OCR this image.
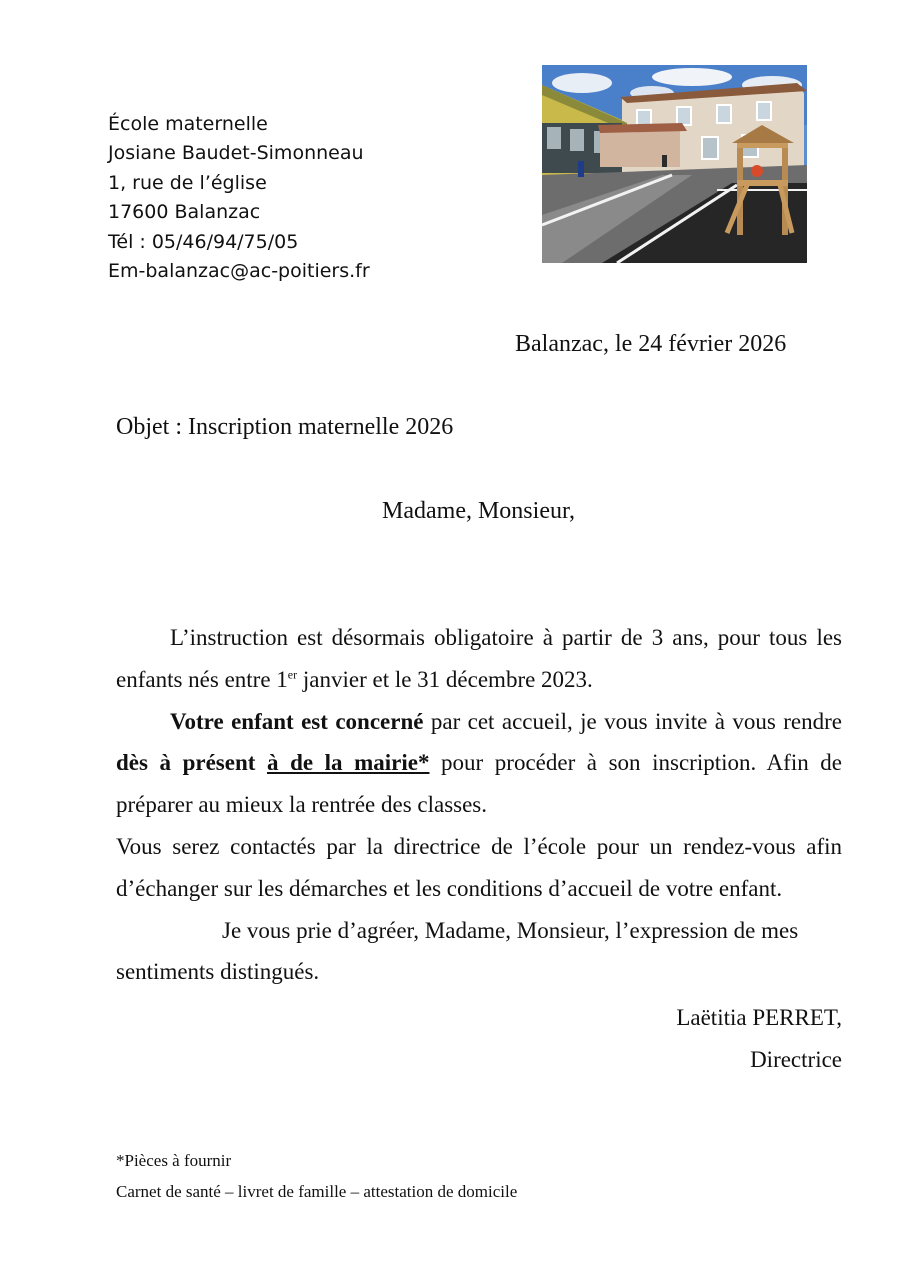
École maternelle
Josiane Baudet-Simonneau
1, rue de l’église
17600 Balanzac
Tél : 05/46/94/75/05
Em-balanzac@ac-poitiers.fr
Balanzac, le 24 février 2026
Objet : Inscription maternelle 2026
Madame, Monsieur,

L’instruction est désormais obligatoire à partir de 3 ans, pour tous les enfants nés entre 1er janvier et le 31 décembre 2023.

Votre enfant est concerné par cet accueil, je vous invite à vous rendre dès à présent à de la mairie* pour procéder à son inscription. Afin de préparer au mieux la rentrée des classes.

Vous serez contactés par la directrice de l’école pour un rendez-vous afin d’échanger sur les démarches et les conditions d’accueil de votre enfant.

Je vous prie d’agréer, Madame, Monsieur, l’expression de mes sentiments distingués.

Laëtitia PERRET,
Directrice
*Pièces à fournir
Carnet de santé – livret de famille – attestation de domicile
